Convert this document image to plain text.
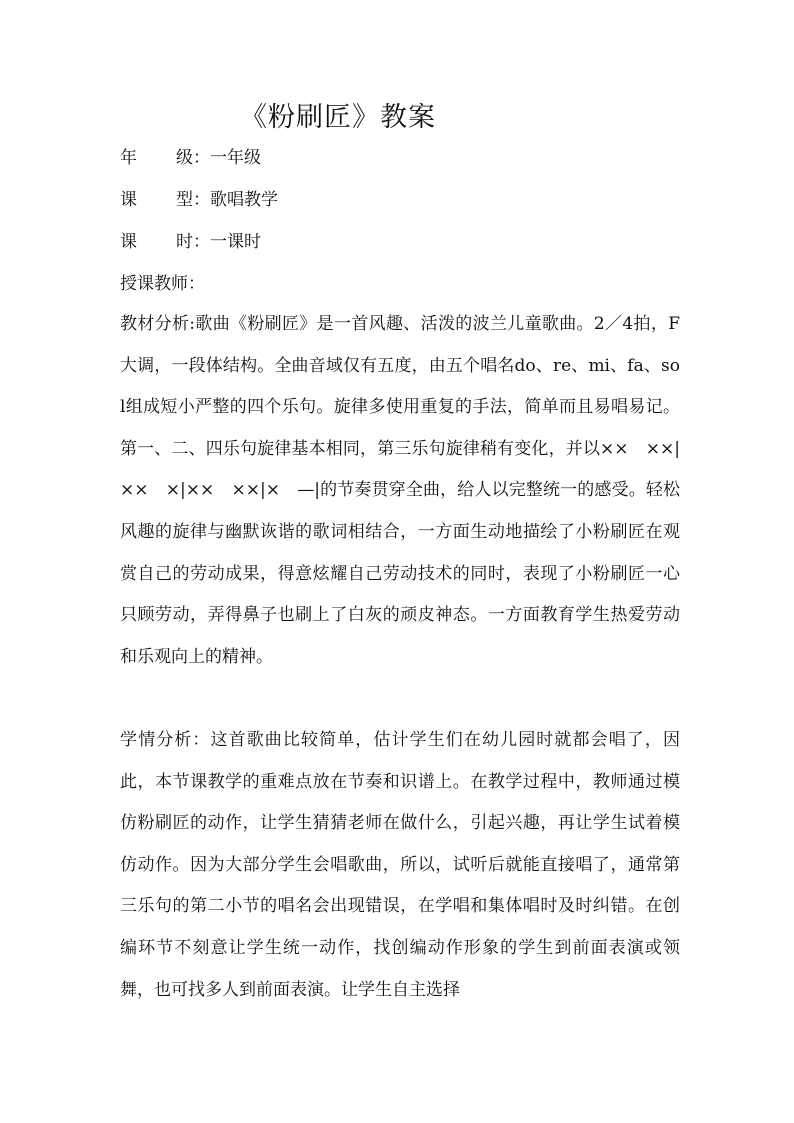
《粉刷匠》教案
年 级：一年级
课 型：歌唱教学
课 时：一课时
授课教师：

教材分析:歌曲《粉刷匠》是一首风趣、活泼的波兰儿童歌曲。2／4拍，F大调，一段体结构。全曲音域仅有五度，由五个唱名do、re、mi、fa、sol组成短小严整的四个乐句。旋律多使用重复的手法，简单而且易唱易记。第一、二、四乐句旋律基本相同，第三乐句旋律稍有变化，并以××　××|××　×|××　××|×　—|的节奏贯穿全曲，给人以完整统一的感受。轻松风趣的旋律与幽默诙谐的歌词相结合，一方面生动地描绘了小粉刷匠在观赏自己的劳动成果，得意炫耀自己劳动技术的同时，表现了小粉刷匠一心只顾劳动，弄得鼻子也刷上了白灰的顽皮神态。一方面教育学生热爱劳动和乐观向上的精神。

学情分析：这首歌曲比较简单，估计学生们在幼儿园时就都会唱了，因此，本节课教学的重难点放在节奏和识谱上。在教学过程中，教师通过模仿粉刷匠的动作，让学生猜猜老师在做什么，引起兴趣，再让学生试着模仿动作。因为大部分学生会唱歌曲，所以，试听后就能直接唱了，通常第三乐句的第二小节的唱名会出现错误，在学唱和集体唱时及时纠错。在创编环节不刻意让学生统一动作，找创编动作形象的学生到前面表演或领舞，也可找多人到前面表演。让学生自主选择
